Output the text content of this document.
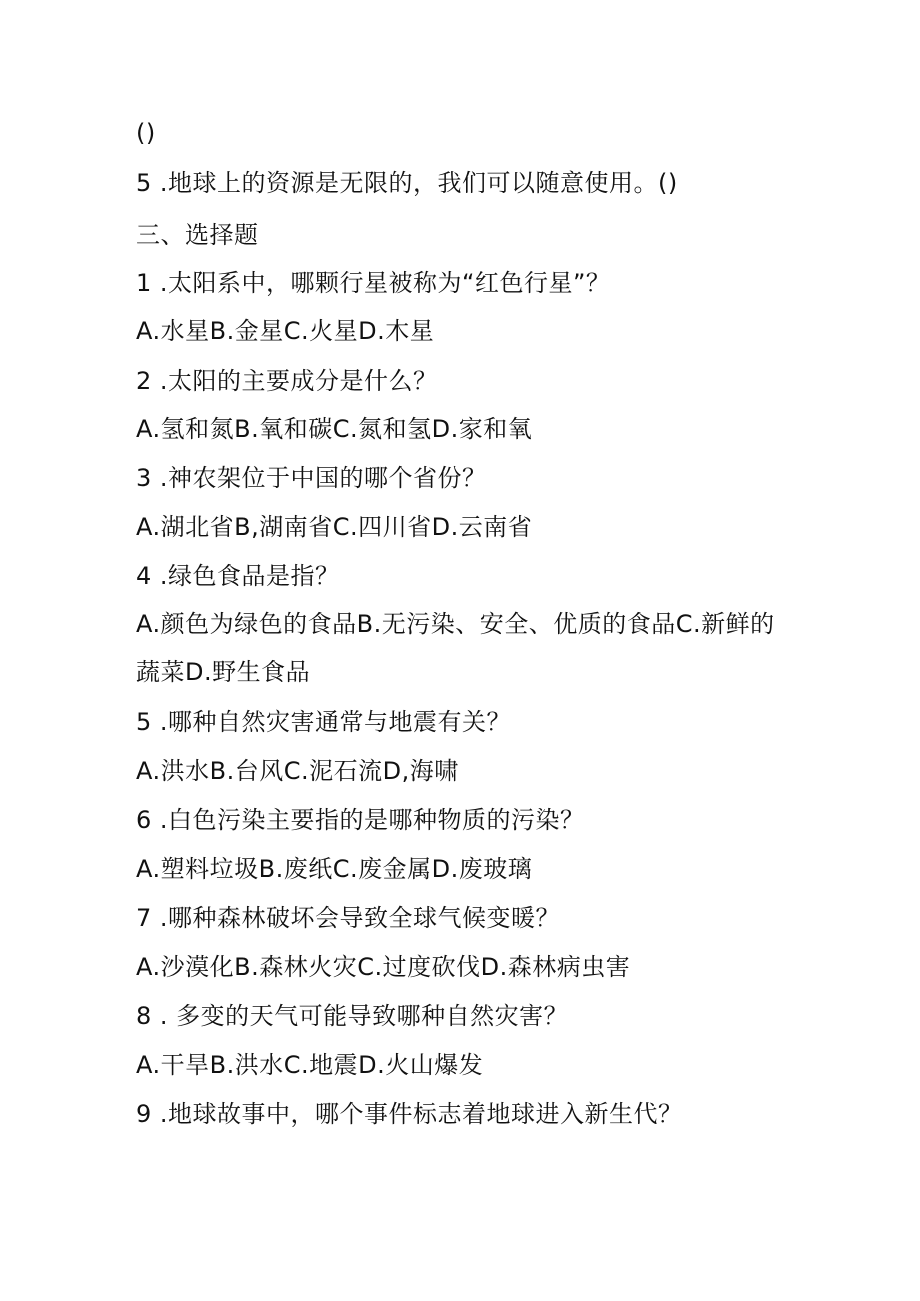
()
5 .地球上的资源是无限的，我们可以随意使用。()
三、选择题
1 .太阳系中，哪颗行星被称为“红色行星”？
A.水星B.金星C.火星D.木星
2 .太阳的主要成分是什么？
A.氢和氮B.氧和碳C.氮和氢D.家和氧
3 .神农架位于中国的哪个省份？
A.湖北省B,湖南省C.四川省D.云南省
4 .绿色食品是指？
A.颜色为绿色的食品B.无污染、安全、优质的食品C.新鲜的蔬菜D.野生食品
5 .哪种自然灾害通常与地震有关？
A.洪水B.台风C.泥石流D,海啸
6 .白色污染主要指的是哪种物质的污染？
A.塑料垃圾B.废纸C.废金属D.废玻璃
7 .哪种森林破坏会导致全球气候变暖？
A.沙漠化B.森林火灾C.过度砍伐D.森林病虫害
8 . 多变的天气可能导致哪种自然灾害？
A.干旱B.洪水C.地震D.火山爆发
9 .地球故事中，哪个事件标志着地球进入新生代？
